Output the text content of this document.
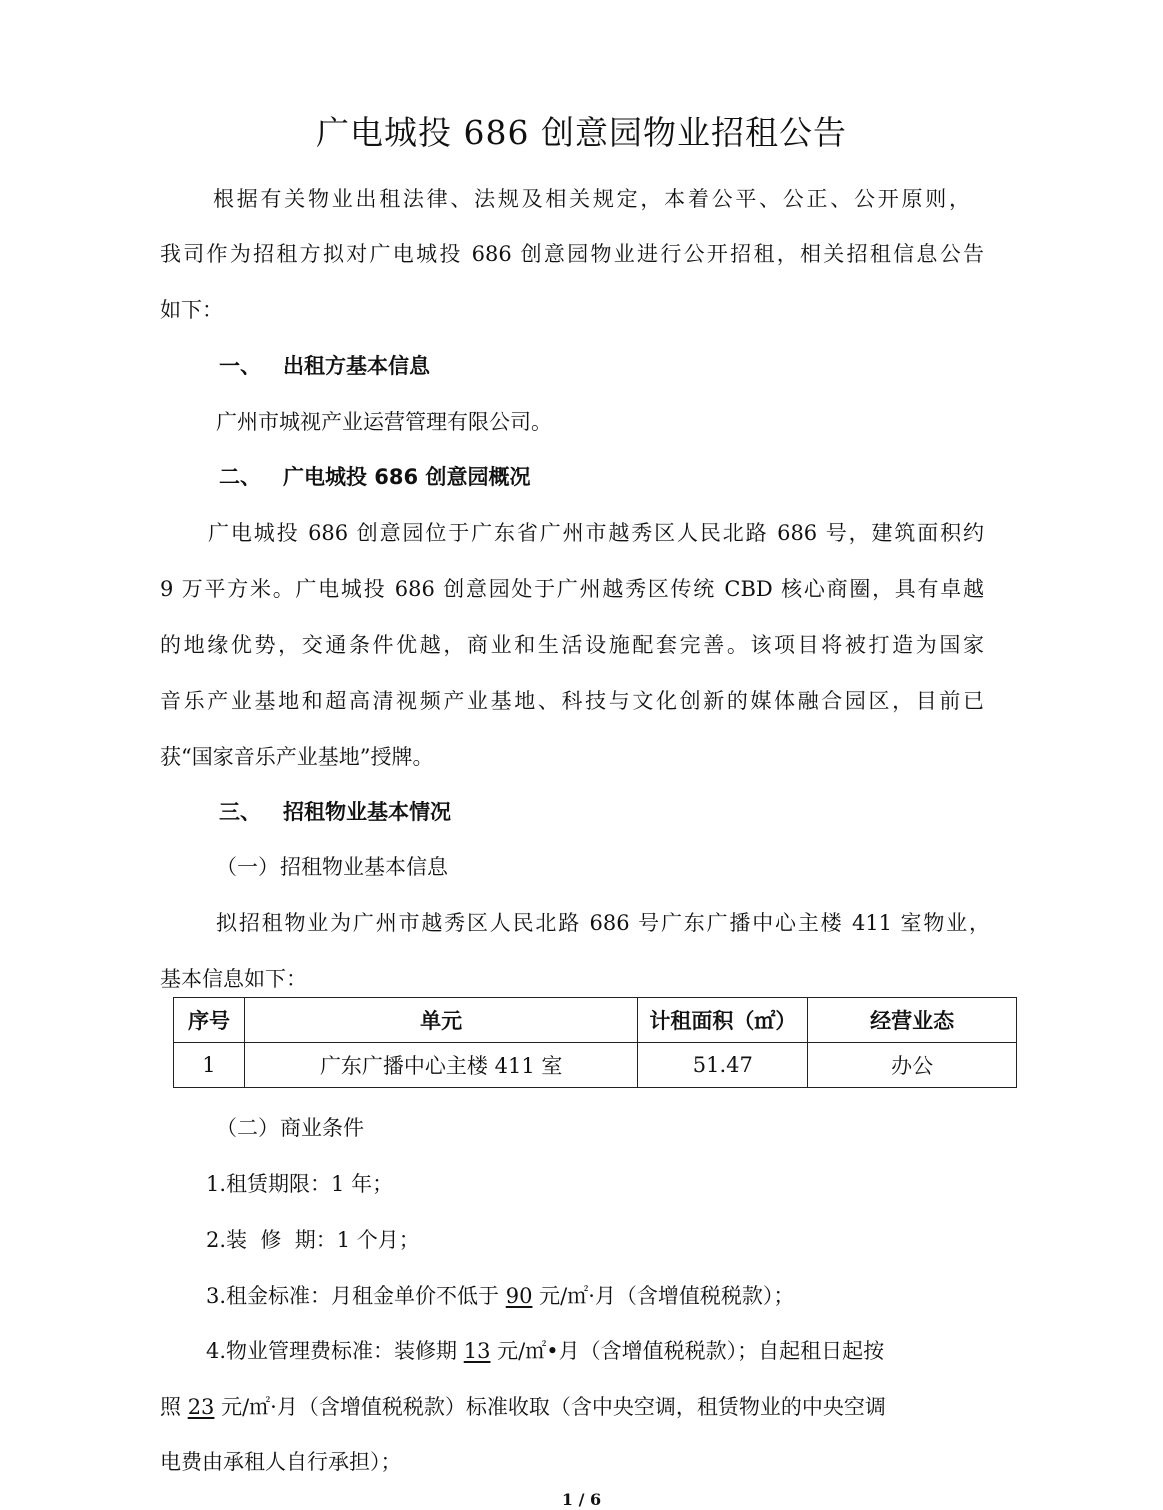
广电城投 686 创意园物业招租公告
根据有关物业出租法律、法规及相关规定，本着公平、公正、公开原则，
我司作为招租方拟对广电城投 686 创意园物业进行公开招租，相关招租信息公告
如下：
一、 出租方基本信息
广州市城视产业运营管理有限公司。
二、 广电城投 686 创意园概况
广电城投 686 创意园位于广东省广州市越秀区人民北路 686 号，建筑面积约
9 万平方米。广电城投 686 创意园处于广州越秀区传统 CBD 核心商圈，具有卓越
的地缘优势，交通条件优越，商业和生活设施配套完善。该项目将被打造为国家
音乐产业基地和超高清视频产业基地、科技与文化创新的媒体融合园区，目前已
获“国家音乐产业基地”授牌。
三、 招租物业基本情况
（一）招租物业基本信息
拟招租物业为广州市越秀区人民北路 686 号广东广播中心主楼 411 室物业，
基本信息如下：
序号	单元	计租面积（㎡）	经营业态
1	广东广播中心主楼 411 室	51.47	办公
（二）商业条件
1.租赁期限：1 年；
2.装  修  期：1 个月；
3.租金标准：月租金单价不低于 90 元/㎡·月（含增值税税款）；
4.物业管理费标准：装修期 13 元/㎡•月（含增值税税款）；自起租日起按
照 23 元/㎡·月（含增值税税款）标准收取（含中央空调，租赁物业的中央空调
电费由承租人自行承担）；
1 / 6
